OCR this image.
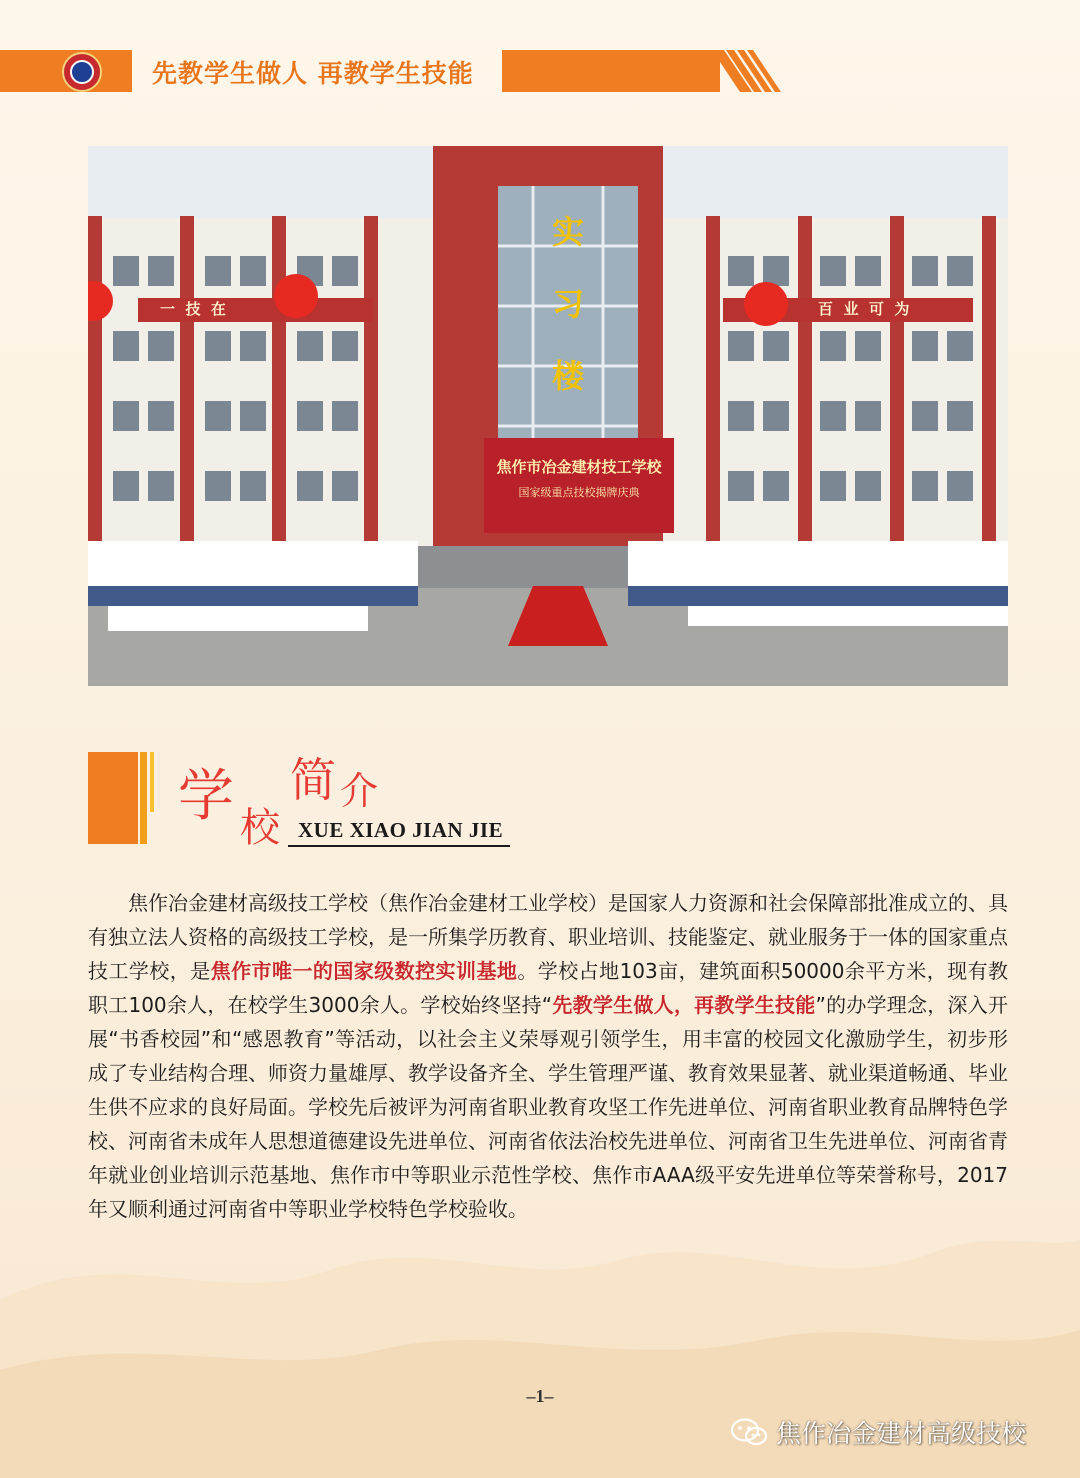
先教学生做人 再教学生技能
实
习
楼
一  技  在	百  业  可  为
焦作市冶金建材技工学校
国家级重点技校揭牌庆典
学 校
简 介
XUE XIAO JIAN JIE
焦作冶金建材高级技工学校（焦作冶金建材工业学校）是国家人力资源和社会保障部批准成立的、具有独立法人资格的高级技工学校，是一所集学历教育、职业培训、技能鉴定、就业服务于一体的国家重点技工学校，是焦作市唯一的国家级数控实训基地。学校占地103亩，建筑面积50000余平方米，现有教职工100余人，在校学生3000余人。学校始终坚持“先教学生做人，再教学生技能”的办学理念，深入开展“书香校园”和“感恩教育”等活动，以社会主义荣辱观引领学生，用丰富的校园文化激励学生，初步形成了专业结构合理、师资力量雄厚、教学设备齐全、学生管理严谨、教育效果显著、就业渠道畅通、毕业生供不应求的良好局面。学校先后被评为河南省职业教育攻坚工作先进单位、河南省职业教育品牌特色学校、河南省未成年人思想道德建设先进单位、河南省依法治校先进单位、河南省卫生先进单位、河南省青年就业创业培训示范基地、焦作市中等职业示范性学校、焦作市AAA级平安先进单位等荣誉称号，2017年又顺利通过河南省中等职业学校特色学校验收。
–1–
焦作冶金建材高级技校
